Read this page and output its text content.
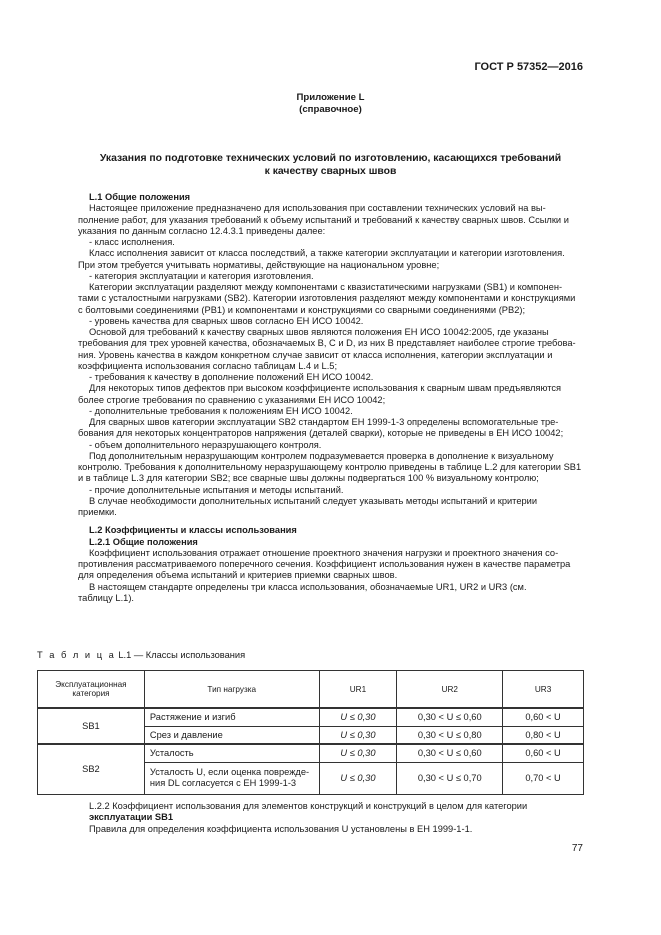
ГОСТ Р 57352—2016
Приложение L
(справочное)
Указания по подготовке технических условий по изготовлению, касающихся требований
к качеству сварных швов

L.1 Общие положения

Настоящее приложение предназначено для использования при составлении технических условий на вы-

полнение работ, для указания требований к объему испытаний и требований к качеству сварных швов. Ссылки и

указания по данным согласно 12.4.3.1 приведены далее:

- класс исполнения.

Класс исполнения зависит от класса последствий, а также категории эксплуатации и категории изготовления.

При этом требуется учитывать нормативы, действующие на национальном уровне;

- категория эксплуатации и категория изготовления.

Категории эксплуатации разделяют между компонентами с квазистатическими нагрузками (SB1) и компонен-

тами с усталостными нагрузками (SB2). Категории изготовления разделяют между компонентами и конструкциями

с болтовыми соединениями (PB1) и компонентами и конструкциями со сварными соединениями (PB2);

- уровень качества для сварных швов согласно ЕН ИСО 10042.

Основой для требований к качеству сварных швов являются положения ЕН ИСО 10042:2005, где указаны

требования для трех уровней качества, обозначаемых B, C и D, из них B представляет наиболее строгие требова-

ния. Уровень качества в каждом конкретном случае зависит от класса исполнения, категории эксплуатации и

коэффициента использования согласно таблицам L.4 и L.5;

- требования к качеству в дополнение положений ЕН ИСО 10042.

Для некоторых типов дефектов при высоком коэффициенте использования к сварным швам предъявляются

более строгие требования по сравнению с указаниями ЕН ИСО 10042;

- дополнительные требования к положениям ЕН ИСО 10042.

Для сварных швов категории эксплуатации SB2 стандартом ЕН 1999-1-3 определены вспомогательные тре-

бования для некоторых концентраторов напряжения (деталей сварки), которые не приведены в ЕН ИСО 10042;

- объем дополнительного неразрушающего контроля.

Под дополнительным неразрушающим контролем подразумевается проверка в дополнение к визуальному

контролю. Требования к дополнительному неразрушающему контролю приведены в таблице L.2 для категории SB1

и в таблице L.3 для категории SB2; все сварные швы должны подвергаться 100 % визуальному контролю;

- прочие дополнительные испытания и методы испытаний.

В случае необходимости дополнительных испытаний следует указывать методы испытаний и критерии

приемки.

L.2 Коэффициенты и классы использования

L.2.1 Общие положения

Коэффициент использования отражает отношение проектного значения нагрузки и проектного значения со-

противления рассматриваемого поперечного сечения. Коэффициент использования нужен в качестве параметра

для определения объема испытаний и критериев приемки сварных швов.

В настоящем стандарте определены три класса использования, обозначаемые UR1, UR2 и UR3 (см.

таблицу L.1).

Т а б л и ц а L.1 — Классы использования
Эксплуатационная категория	Тип нагрузка	UR1	UR2	UR3
SB1	Растяжение и изгиб	U ≤ 0,30	0,30 < U ≤ 0,60	0,60 < U
	Срез и давление	U ≤ 0,30	0,30 < U ≤ 0,80	0,80 < U
SB2	Усталость	U ≤ 0,30	0,30 < U ≤ 0,60	0,60 < U

	Усталость U, если оценка поврежде-
ния DL согласуется с ЕН 1999-1-3	U ≤ 0,30	0,30 < U ≤ 0,70	0,70 < U

L.2.2 Коэффициент использования для элементов конструкций и конструкций в целом для категории

эксплуатации SB1

Правила для определения коэффициента использования U установлены в ЕН 1999-1-1.

77
